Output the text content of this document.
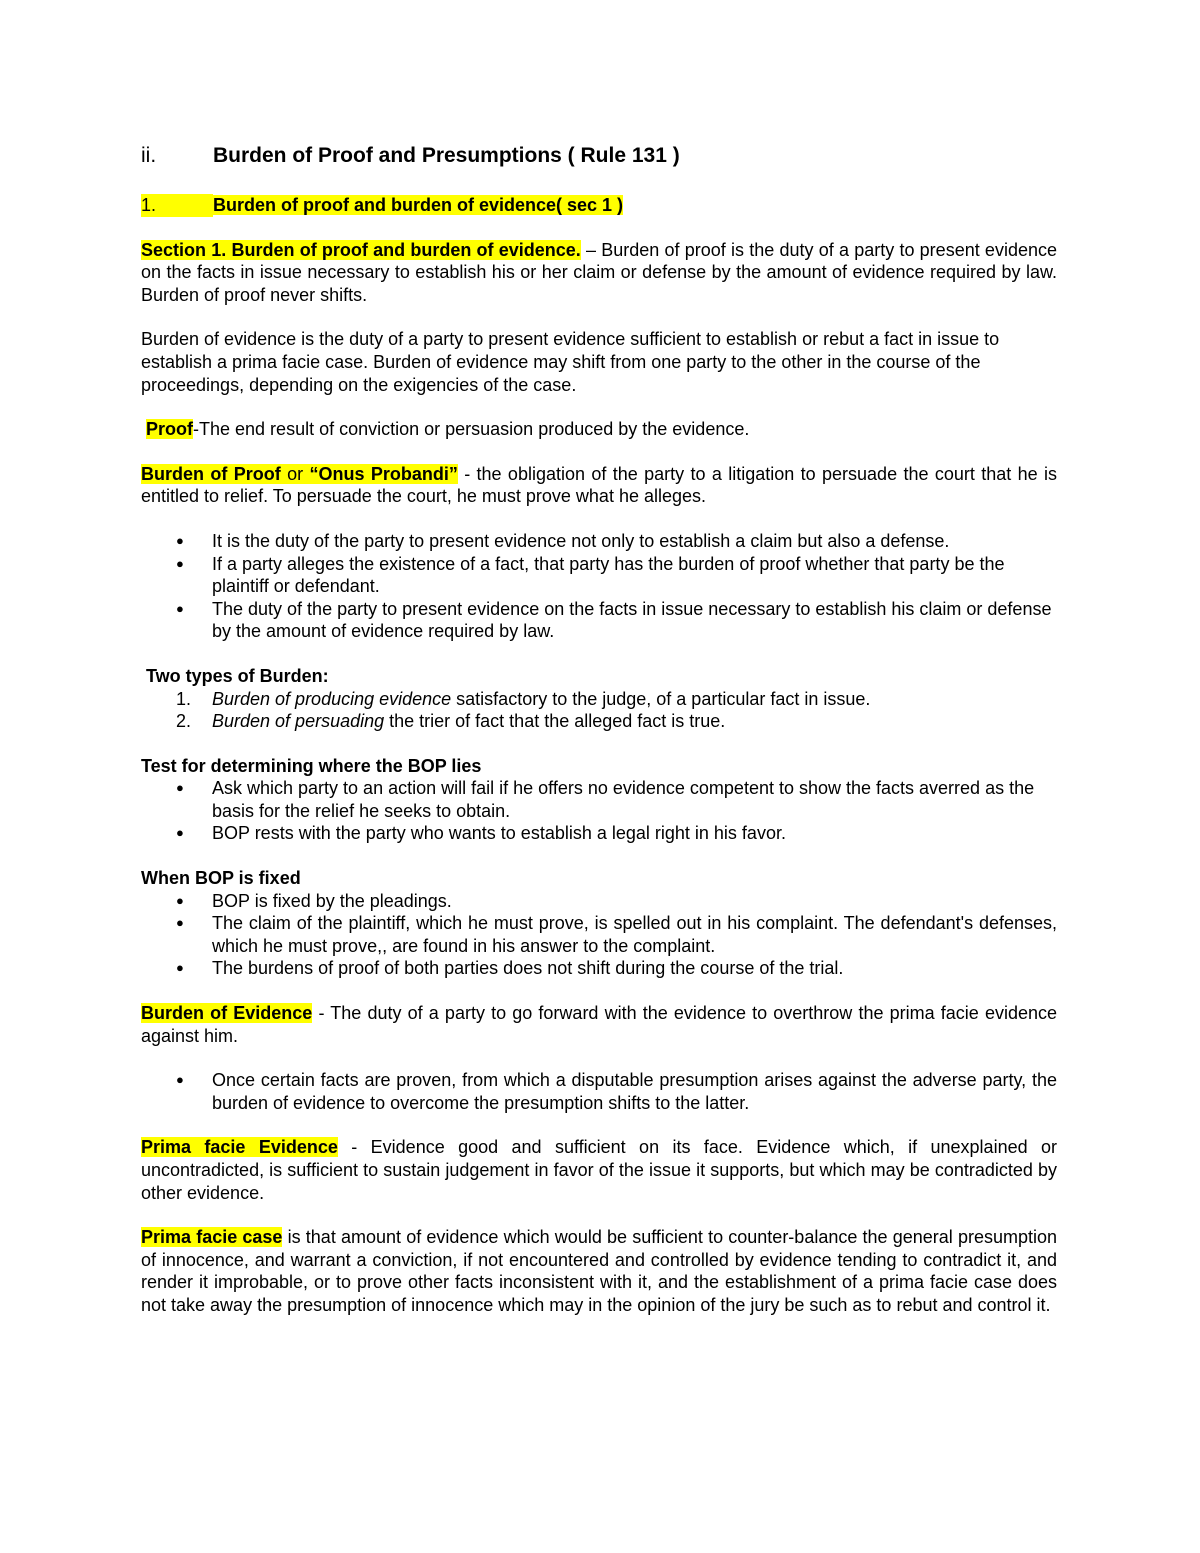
ii.	Burden of Proof and Presumptions ( Rule 131 )
1.	Burden of proof and burden of evidence( sec 1 )

Section 1. Burden of proof and burden of evidence. – Burden of proof is the duty of a party to present evidence on the facts in issue necessary to establish his or her claim or defense by the amount of evidence required by law. Burden of proof never shifts.

Burden of evidence is the duty of a party to present evidence sufficient to establish or rebut a fact in issue to establish a prima facie case. Burden of evidence may shift from one party to the other in the course of the proceedings, depending on the exigencies of the case.

Proof-The end result of conviction or persuasion produced by the evidence.

Burden of Proof or “Onus Probandi” - the obligation of the party to a litigation to persuade the court that he is entitled to relief. To persuade the court, he must prove what he alleges.

● It is the duty of the party to present evidence not only to establish a claim but also a defense.
● If a party alleges the existence of a fact, that party has the burden of proof whether that party be the plaintiff or defendant.
● The duty of the party to present evidence on the facts in issue necessary to establish his claim or defense by the amount of evidence required by law.
Two types of Burden:
1. Burden of producing evidence satisfactory to the judge, of a particular fact in issue.
2. Burden of persuading the trier of fact that the alleged fact is true.
Test for determining where the BOP lies
● Ask which party to an action will fail if he offers no evidence competent to show the facts averred as the basis for the relief he seeks to obtain.
● BOP rests with the party who wants to establish a legal right in his favor.
When BOP is fixed
● BOP is fixed by the pleadings.
● The claim of the plaintiff, which he must prove, is spelled out in his complaint. The defendant's defenses, which he must prove,, are found in his answer to the complaint.
● The burdens of proof of both parties does not shift during the course of the trial.

Burden of Evidence - The duty of a party to go forward with the evidence to overthrow the prima facie evidence against him.

● Once certain facts are proven, from which a disputable presumption arises against the adverse party, the burden of evidence to overcome the presumption shifts to the latter.

Prima facie Evidence - Evidence good and sufficient on its face. Evidence which, if unexplained or uncontradicted, is sufficient to sustain judgement in favor of the issue it supports, but which may be contradicted by other evidence.

Prima facie case is that amount of evidence which would be sufficient to counter-balance the general presumption of innocence, and warrant a conviction, if not encountered and controlled by evidence tending to contradict it, and render it improbable, or to prove other facts inconsistent with it, and the establishment of a prima facie case does not take away the presumption of innocence which may in the opinion of the jury be such as to rebut and control it.
